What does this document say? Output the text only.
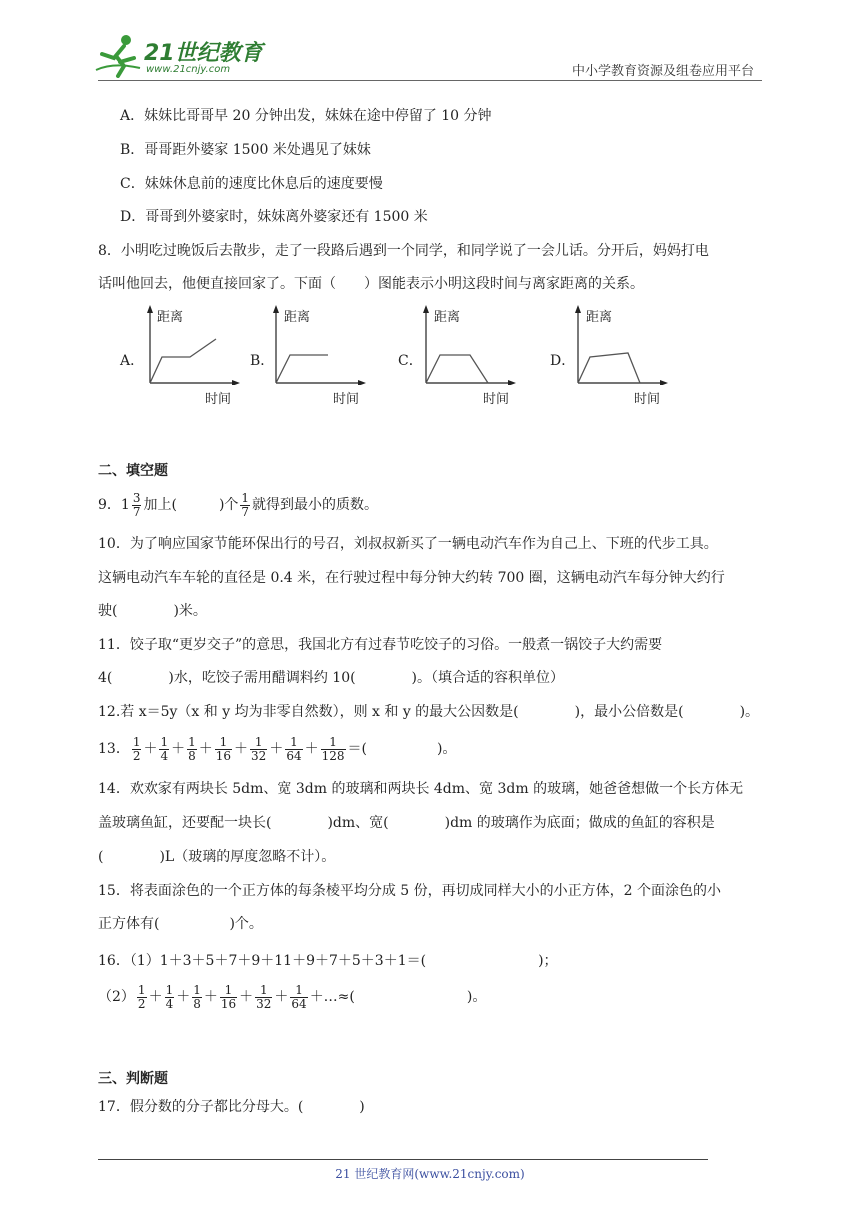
21世纪教育
www.21cnjy.com	中小学教育资源及组卷应用平台
A．妹妹比哥哥早 20 分钟出发，妹妹在途中停留了 10 分钟
B．哥哥距外婆家 1500 米处遇见了妹妹
C．妹妹休息前的速度比休息后的速度要慢
D．哥哥到外婆家时，妹妹离外婆家还有 1500 米
8．小明吃过晚饭后去散步，走了一段路后遇到一个同学，和同学说了一会儿话。分开后，妈妈打电
话叫他回去，他便直接回家了。下面（　　）图能表示小明这段时间与离家距离的关系。
A．
距离
时间
B．
距离
时间
C．
距离
时间
D．
距离
时间
二、填空题
9．$1 \frac{3}{7}$ 加上(　　　)个 $\frac{1}{7}$ 就得到最小的质数。
10．为了响应国家节能环保出行的号召，刘叔叔新买了一辆电动汽车作为自己上、下班的代步工具。
这辆电动汽车车轮的直径是 0.4 米，在行驶过程中每分钟大约转 700 圈，这辆电动汽车每分钟大约行
驶(　　　　)米。
11．饺子取“更岁交子”的意思，我国北方有过春节吃饺子的习俗。一般煮一锅饺子大约需要
4(　　　　)水，吃饺子需用醋调料约 10(　　　　)。（填合适的容积单位）
12.若 x＝5y（x 和 y 均为非零自然数），则 x 和 y 的最大公因数是(　　　　)，最小公倍数是(　　　　)。
13． $\frac{1}{2} + \frac{1}{4} + \frac{1}{8} + \frac{1}{16} + \frac{1}{32} + \frac{1}{64} + \frac{1}{128}$ ＝(　　　　　)。
14．欢欢家有两块长 5dm、宽 3dm 的玻璃和两块长 4dm、宽 3dm 的玻璃，她爸爸想做一个长方体无
盖玻璃鱼缸，还要配一块长(　　　　)dm、宽(　　　　)dm 的玻璃作为底面；做成的鱼缸的容积是
(　　　　)L（玻璃的厚度忽略不计）。
15．将表面涂色的一个正方体的每条棱平均分成 5 份，再切成同样大小的小正方体，2 个面涂色的小
正方体有(　　　　　)个。
16．（1）1＋3＋5＋7＋9＋11＋9＋7＋5＋3＋1＝(　　　　　　　　)；
$(2) \frac{1}{2} + \frac{1}{4} + \frac{1}{8} + \frac{1}{16} + \frac{1}{32} + \frac{1}{64}$ ＋…≈(　　　　　　　　)。
三、判断题
17．假分数的分子都比分母大。(　　　　)
21 世纪教育网(www.21cnjy.com)
